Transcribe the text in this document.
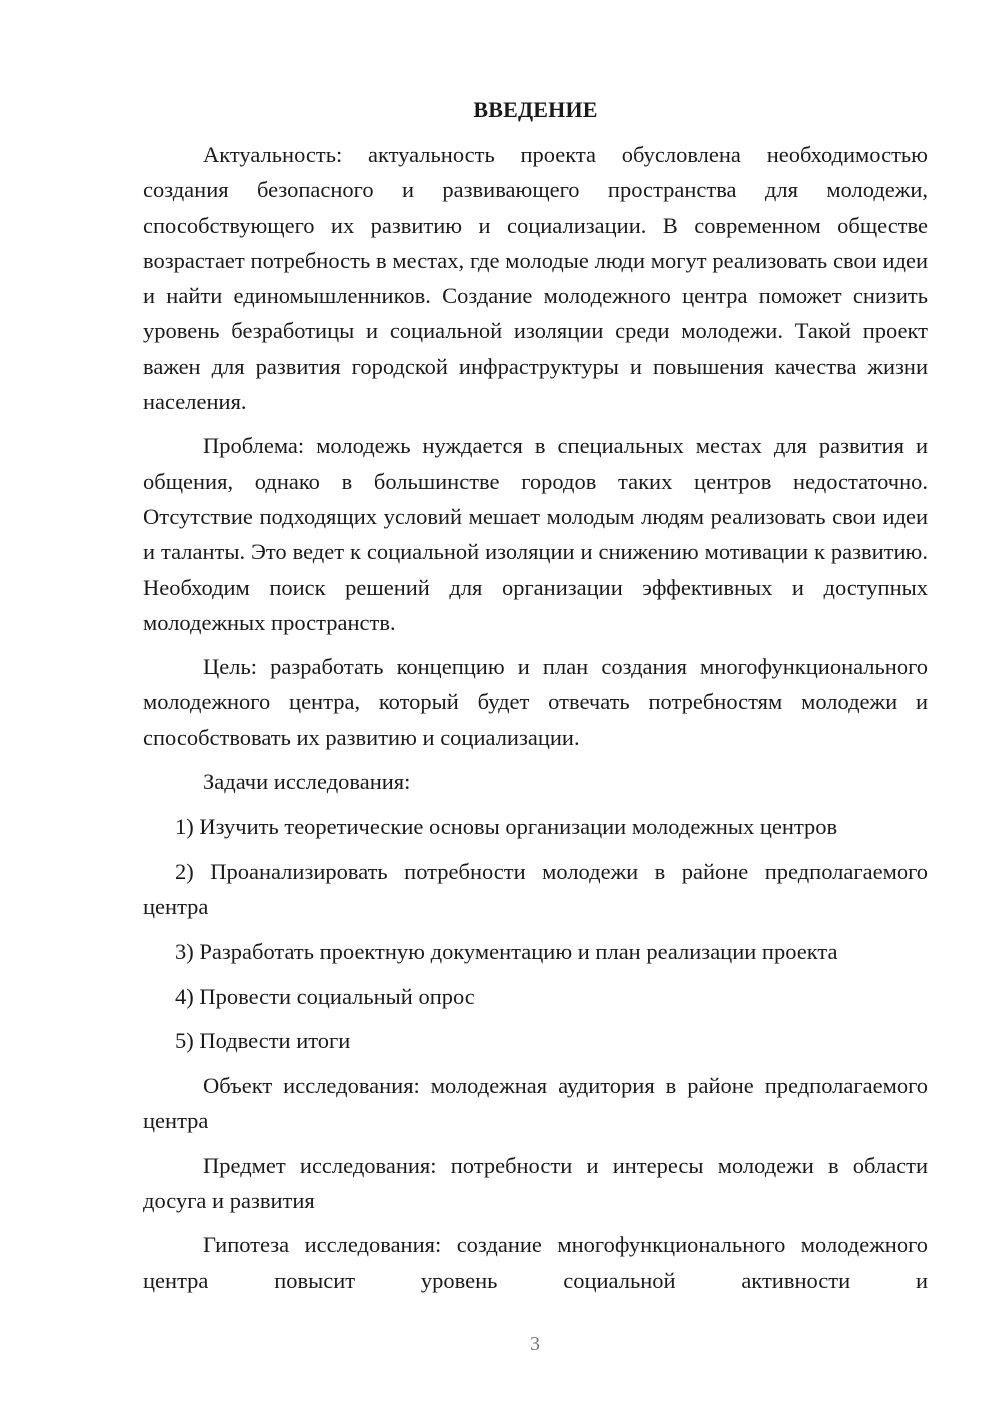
ВВЕДЕНИЕ

Актуальность: актуальность проекта обусловлена необходимостью создания безопасного и развивающего пространства для молодежи, способствующего их развитию и социализации. В современном обществе возрастает потребность в местах, где молодые люди могут реализовать свои идеи и найти единомышленников. Создание молодежного центра поможет снизить уровень безработицы и социальной изоляции среди молодежи. Такой проект важен для развития городской инфраструктуры и повышения качества жизни населения.

Проблема: молодежь нуждается в специальных местах для развития и общения, однако в большинстве городов таких центров недостаточно. Отсутствие подходящих условий мешает молодым людям реализовать свои идеи и таланты. Это ведет к социальной изоляции и снижению мотивации к развитию. Необходим поиск решений для организации эффективных и доступных молодежных пространств.

Цель: разработать концепцию и план создания многофункционального молодежного центра, который будет отвечать потребностям молодежи и способствовать их развитию и социализации.

Задачи исследования:

1) Изучить теоретические основы организации молодежных центров

2) Проанализировать потребности молодежи в районе предполагаемого центра

3) Разработать проектную документацию и план реализации проекта

4) Провести социальный опрос

5) Подвести итоги

Объект исследования: молодежная аудитория в районе предполагаемого центра

Предмет исследования: потребности и интересы молодежи в области досуга и развития

Гипотеза исследования: создание многофункционального молодежного центра повысит уровень социальной активности и

3
